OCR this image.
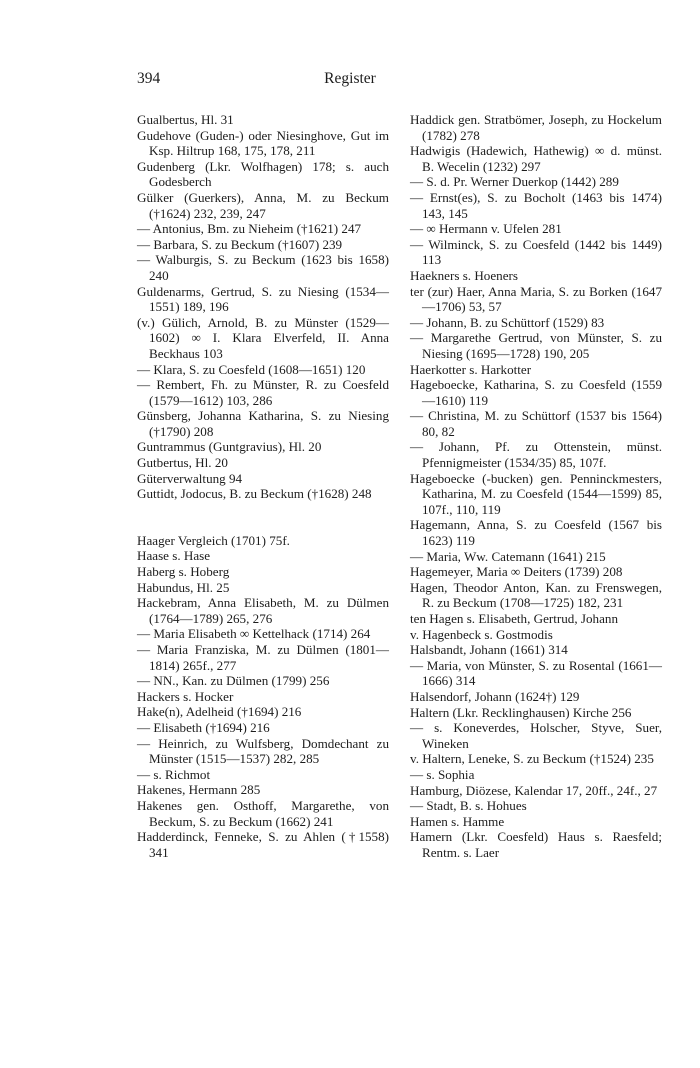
394	Register

Gualbertus, Hl. 31

Gudehove (Guden-) oder Niesinghove, Gut im Ksp. Hiltrup 168, 175, 178, 211

Gudenberg (Lkr. Wolfhagen) 178; s. auch Godesberch

Gülker (Guerkers), Anna, M. zu Beckum (†1624) 232, 239, 247

— Antonius, Bm. zu Nieheim (†1621) 247

— Barbara, S. zu Beckum (†1607) 239

— Walburgis, S. zu Beckum (1623 bis 1658) 240

Guldenarms, Gertrud, S. zu Niesing (1534—1551) 189, 196

(v.) Gülich, Arnold, B. zu Münster (1529—1602) ∞ I. Klara Elverfeld, II. Anna Beckhaus 103

— Klara, S. zu Coesfeld (1608—1651) 120

— Rembert, Fh. zu Münster, R. zu Coesfeld (1579—1612) 103, 286

Günsberg, Johanna Katharina, S. zu Niesing (†1790) 208

Guntrammus (Guntgravius), Hl. 20

Gutbertus, Hl. 20

Güterverwaltung 94

Guttidt, Jodocus, B. zu Beckum (†1628) 248

Haager Vergleich (1701) 75f.

Haase s. Hase

Haberg s. Hoberg

Habundus, Hl. 25

Hackebram, Anna Elisabeth, M. zu Dülmen (1764—1789) 265, 276

— Maria Elisabeth ∞ Kettelhack (1714) 264

— Maria Franziska, M. zu Dülmen (1801—1814) 265f., 277

— NN., Kan. zu Dülmen (1799) 256

Hackers s. Hocker

Hake(n), Adelheid (†1694) 216

— Elisabeth (†1694) 216

— Heinrich, zu Wulfsberg, Domdechant zu Münster (1515—1537) 282, 285

— s. Richmot

Hakenes, Hermann 285

Hakenes gen. Osthoff, Margarethe, von Beckum, S. zu Beckum (1662) 241

Hadderdinck, Fenneke, S. zu Ahlen (†1558) 341

Haddick gen. Stratbömer, Joseph, zu Hockelum (1782) 278

Hadwigis (Hadewich, Hathewig) ∞ d. münst. B. Wecelin (1232) 297

— S. d. Pr. Werner Duerkop (1442) 289

— Ernst(es), S. zu Bocholt (1463 bis 1474) 143, 145

— ∞ Hermann v. Ufelen 281

— Wilminck, S. zu Coesfeld (1442 bis 1449) 113

Haekners s. Hoeners

ter (zur) Haer, Anna Maria, S. zu Borken (1647—1706) 53, 57

— Johann, B. zu Schüttorf (1529) 83

— Margarethe Gertrud, von Münster, S. zu Niesing (1695—1728) 190, 205

Haerkotter s. Harkotter

Hageboecke, Katharina, S. zu Coesfeld (1559—1610) 119

— Christina, M. zu Schüttorf (1537 bis 1564) 80, 82

— Johann, Pf. zu Ottenstein, münst. Pfennigmeister (1534/35) 85, 107f.

Hageboecke (-bucken) gen. Penninckmesters, Katharina, M. zu Coesfeld (1544—1599) 85, 107f., 110, 119

Hagemann, Anna, S. zu Coesfeld (1567 bis 1623) 119

— Maria, Ww. Catemann (1641) 215

Hagemeyer, Maria ∞ Deiters (1739) 208

Hagen, Theodor Anton, Kan. zu Frenswegen, R. zu Beckum (1708—1725) 182, 231

ten Hagen s. Elisabeth, Gertrud, Johann

v. Hagenbeck s. Gostmodis

Halsbandt, Johann (1661) 314

— Maria, von Münster, S. zu Rosental (1661—1666) 314

Halsendorf, Johann (1624†) 129

Haltern (Lkr. Recklinghausen) Kirche 256

— s. Koneverdes, Holscher, Styve, Suer, Wineken

v. Haltern, Leneke, S. zu Beckum (†1524) 235

— s. Sophia

Hamburg, Diözese, Kalendar 17, 20ff., 24f., 27

— Stadt, B. s. Hohues

Hamen s. Hamme

Hamern (Lkr. Coesfeld) Haus s. Raesfeld; Rentm. s. Laer
